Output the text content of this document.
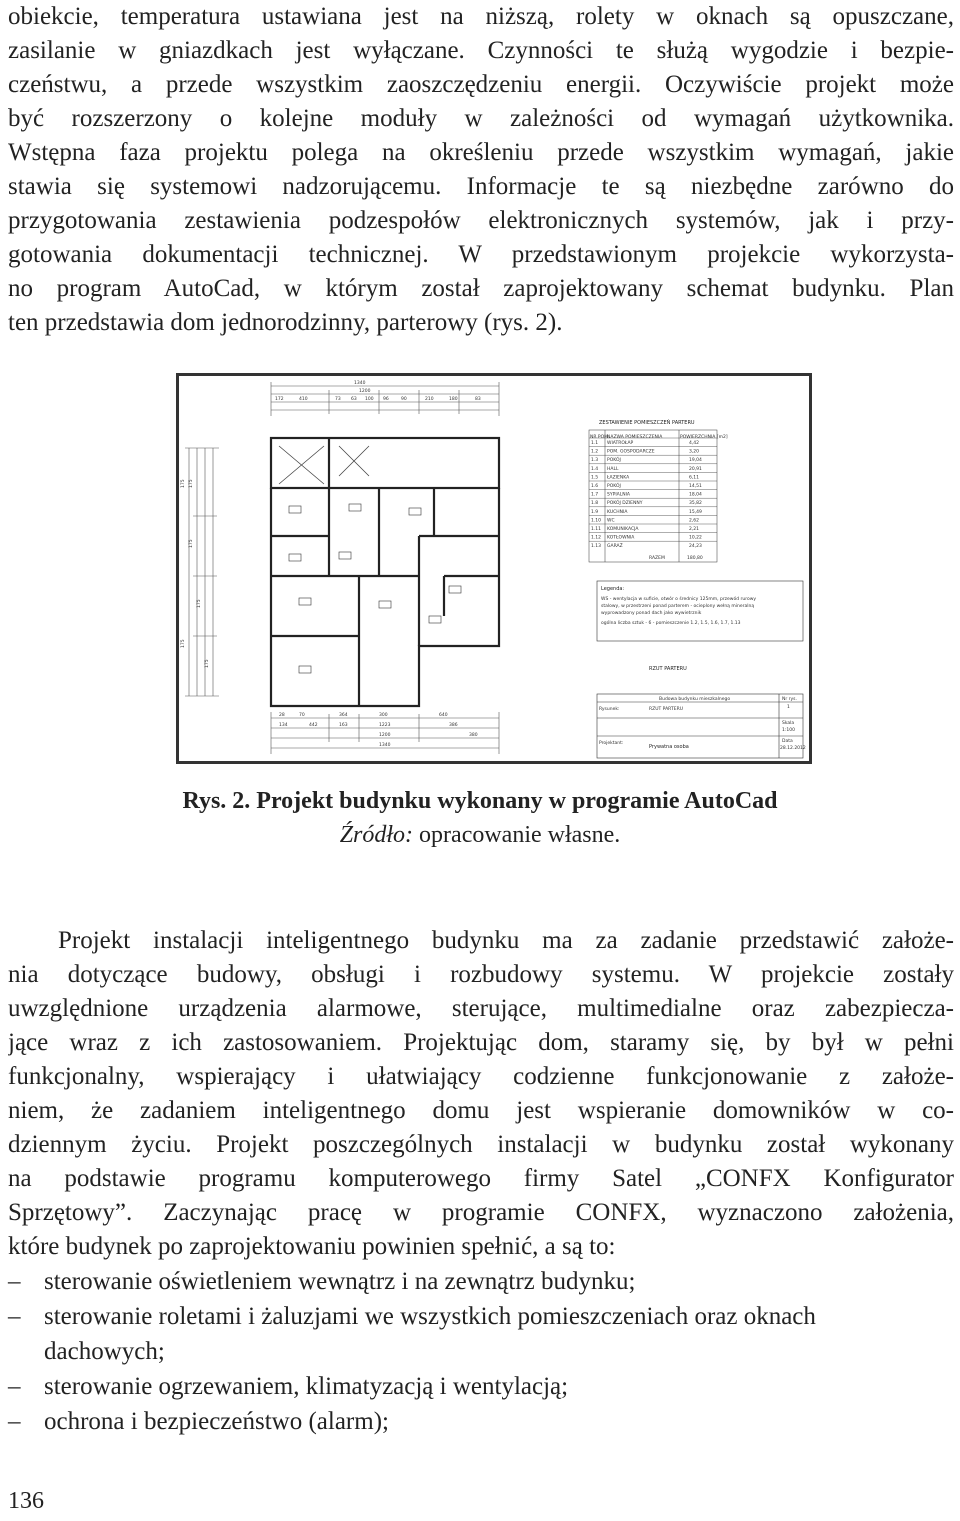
obiekcie, temperatura ustawiana jest na niższą, rolety w oknach są opuszczane,
zasilanie w gniazdkach jest wyłączane. Czynności te służą wygodzie i bezpie-
czeństwu, a przede wszystkim zaoszczędzeniu energii. Oczywiście projekt może
być rozszerzony o kolejne moduły w zależności od wymagań użytkownika.
Wstępna faza projektu polega na określeniu przede wszystkim wymagań, jakie
stawia się systemowi nadzorującemu. Informacje te są niezbędne zarówno do
przygotowania zestawienia podzespołów elektronicznych systemów, jak i przy-
gotowania dokumentacji technicznej. W przedstawionym projekcie wykorzysta-
no program AutoCad, w którym został zaprojektowany schemat budynku. Plan
ten przedstawia dom jednorodzinny, parterowy (rys. 2).
1340
1200
172	410	73 63 100 96	90	210	180	83
175
175
175
175
175
175
28	70	364	300	640
134	442	163	1223	386
1200
1340
380
ZESTAWIENIE POMIESZCZEŃ PARTERU
1.1 WIATROŁAP	4,42
1.2 POM. GOSPODARCZE	3,20
1.3 POKÓJ	19,04
1.4 HALL	20,91
1.5 ŁAZIENKA	6,11
1.6 POKÓJ	14,51
1.7 SYPIALNIA	18,04
1.8 POKÓJ DZIENNY	35,82
1.9 KUCHNIA	15,49
1.10 WC	2,62
1.11 KOMUNIKACJA	2,21
1.12 KOTŁOWNIA	10,22
1.13 GARAŻ	24,23
NR POM.
NAZWA POMIESZCZENIA	POWIERZCHNIA [m2]
RAZEM	180,80
Legenda:
WS - wentylacja w suficie, otwór o średnicy 125mm, przewód rurowy
stalowy, w przestrzeni ponad parterem - ocieplony wełną mineralną
wyprowadzony ponad dach jako wywietrznik
ogólna liczba sztuk - 6 - pomieszczenie 1.2, 1.5, 1.6, 1.7, 1.13
RZUT PARTERU
Budowa budynku mieszkalnego
Rysunek:	RZUT PARTERU
Projektant:
Prywatna osoba
Nr rys.
1
Skala
1:100
Data
28.12.2012
Rys. 2. Projekt budynku wykonany w programie AutoCad
Źródło: opracowanie własne.
Projekt instalacji inteligentnego budynku ma za zadanie przedstawić założe-
nia dotyczące budowy, obsługi i rozbudowy systemu. W projekcie zostały
uwzględnione urządzenia alarmowe, sterujące, multimedialne oraz zabezpiecza-
jące wraz z ich zastosowaniem. Projektując dom, staramy się, by był w pełni
funkcjonalny, wspierający i ułatwiający codzienne funkcjonowanie z założe-
niem, że zadaniem inteligentnego domu jest wspieranie domowników w co-
dziennym życiu. Projekt poszczególnych instalacji w budynku został wykonany
na podstawie programu komputerowego firmy Satel „CONFX Konfigurator
Sprzętowy”. Zaczynając pracę w programie CONFX, wyznaczono założenia,
które budynek po zaprojektowaniu powinien spełnić, a są to:
– sterowanie oświetleniem wewnątrz i na zewnątrz budynku;
– sterowanie roletami i żaluzjami we wszystkich pomieszczeniach oraz oknach
dachowych;
– sterowanie ogrzewaniem, klimatyzacją i wentylacją;
– ochrona i bezpieczeństwo (alarm);
136
